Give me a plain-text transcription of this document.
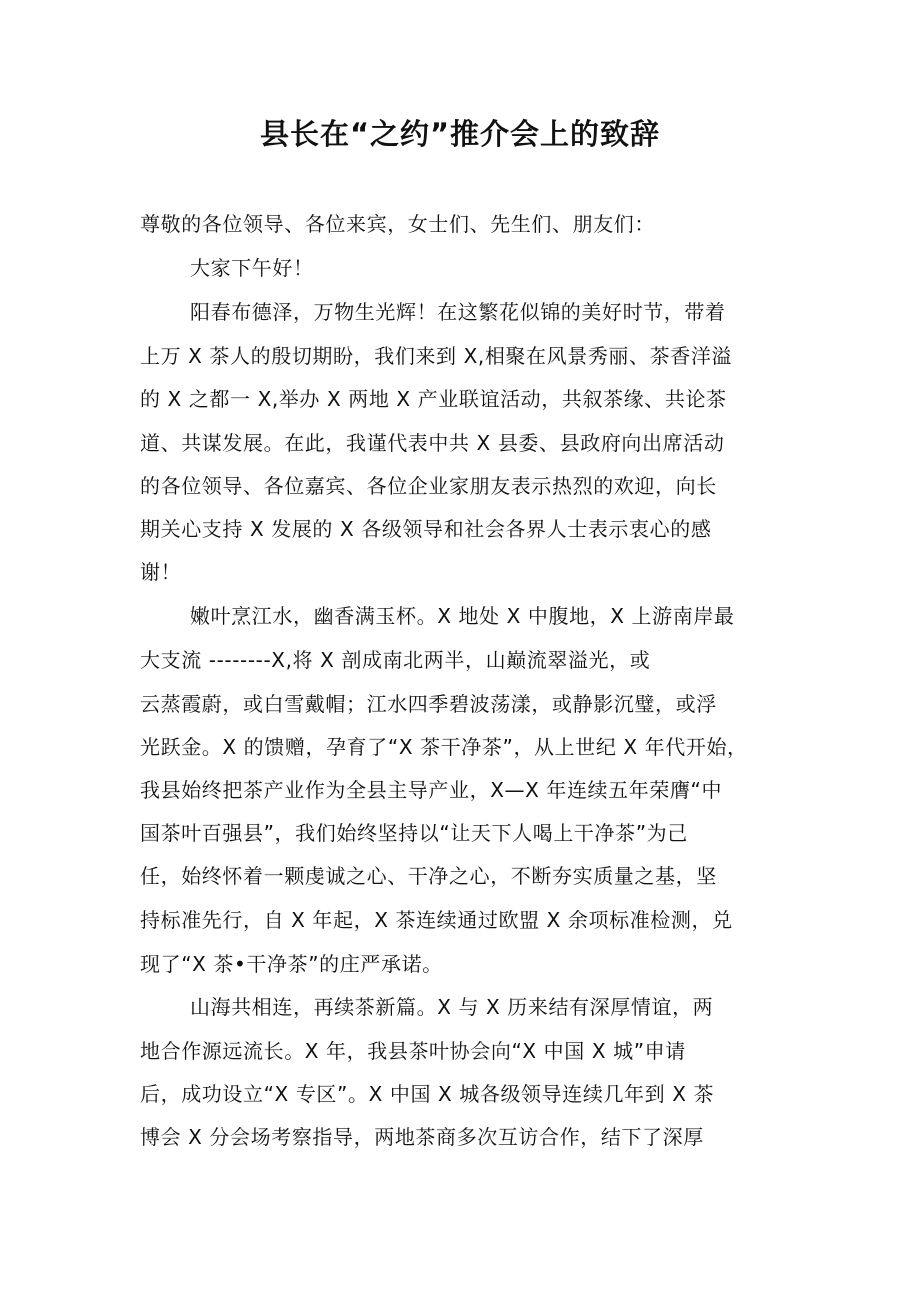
县长在“之约”推介会上的致辞
尊敬的各位领导、各位来宾，女士们、先生们、朋友们：
大家下午好！
阳春布德泽，万物生光辉！在这繁花似锦的美好时节，带着
上万 X 茶人的殷切期盼，我们来到 X,相聚在风景秀丽、茶香洋溢
的 X 之都一 X,举办 X 两地 X 产业联谊活动，共叙茶缘、共论茶
道、共谋发展。在此，我谨代表中共 X 县委、县政府向出席活动
的各位领导、各位嘉宾、各位企业家朋友表示热烈的欢迎，向长
期关心支持 X 发展的 X 各级领导和社会各界人士表示衷心的感
谢！
嫩叶烹江水，幽香满玉杯。X 地处 X 中腹地，X 上游南岸最
大支流 --------X,将 X 剖成南北两半，山巅流翠溢光，或
云蒸霞蔚，或白雪戴帽；江水四季碧波荡漾，或静影沉璧，或浮
光跃金。X 的馈赠，孕育了“X 茶干净茶”，从上世纪 X 年代开始，
我县始终把茶产业作为全县主导产业，X—X 年连续五年荣膺“中
国茶叶百强县”，我们始终坚持以“让天下人喝上干净茶”为己
任，始终怀着一颗虔诚之心、干净之心，不断夯实质量之基，坚
持标准先行，自 X 年起，X 茶连续通过欧盟 X 余项标准检测，兑
现了“X 茶•干净茶”的庄严承诺。
山海共相连，再续茶新篇。X 与 X 历来结有深厚情谊，两
地合作源远流长。X 年，我县茶叶协会向“X 中国 X 城”申请
后，成功设立“X 专区”。X 中国 X 城各级领导连续几年到 X 茶
博会 X 分会场考察指导，两地茶商多次互访合作，结下了深厚
